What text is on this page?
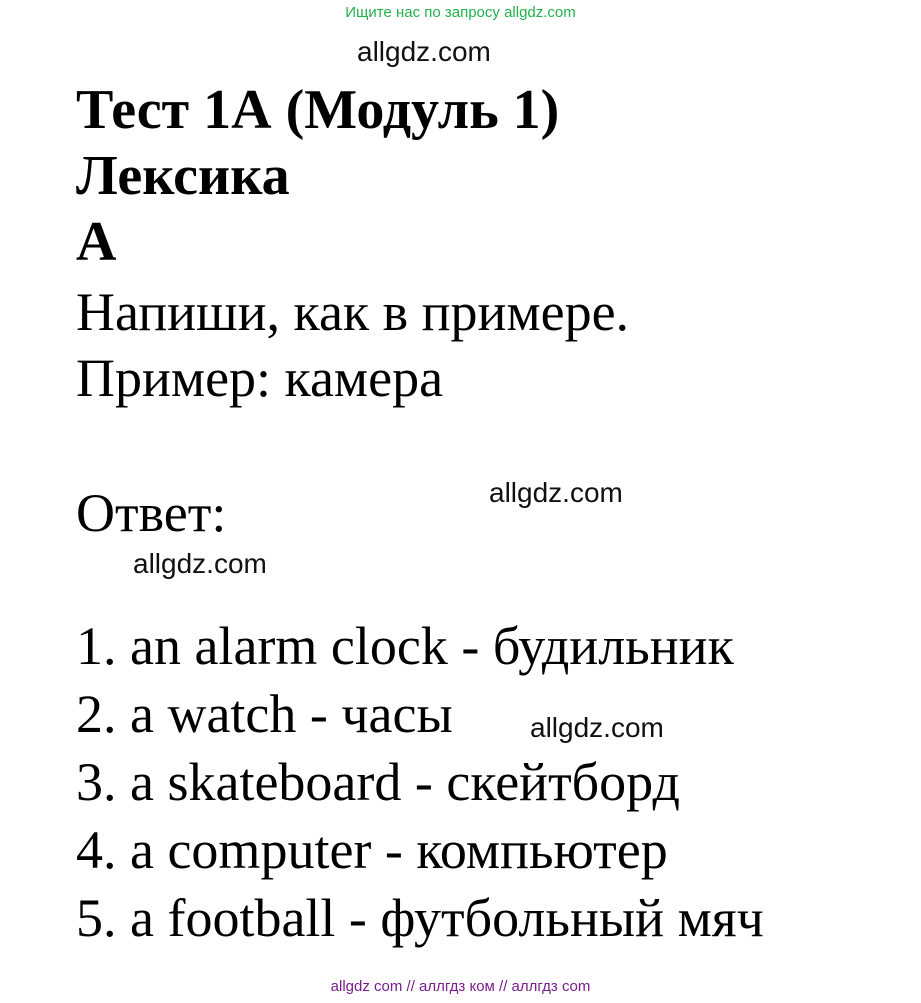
Ищите нас по запросу allgdz.com
allgdz.com
Тест 1А (Модуль 1)
Лексика
А
Напиши, как в примере.
Пример: камера
Ответ:	allgdz.com
allgdz.com
1. an alarm clock - будильник
2. a watch - часы
3. a skateboard - скейтборд
4. a computer - компьютер
5. a football - футбольный мяч
allgdz.com
allgdz com // аллгдз ком // аллгдз com
